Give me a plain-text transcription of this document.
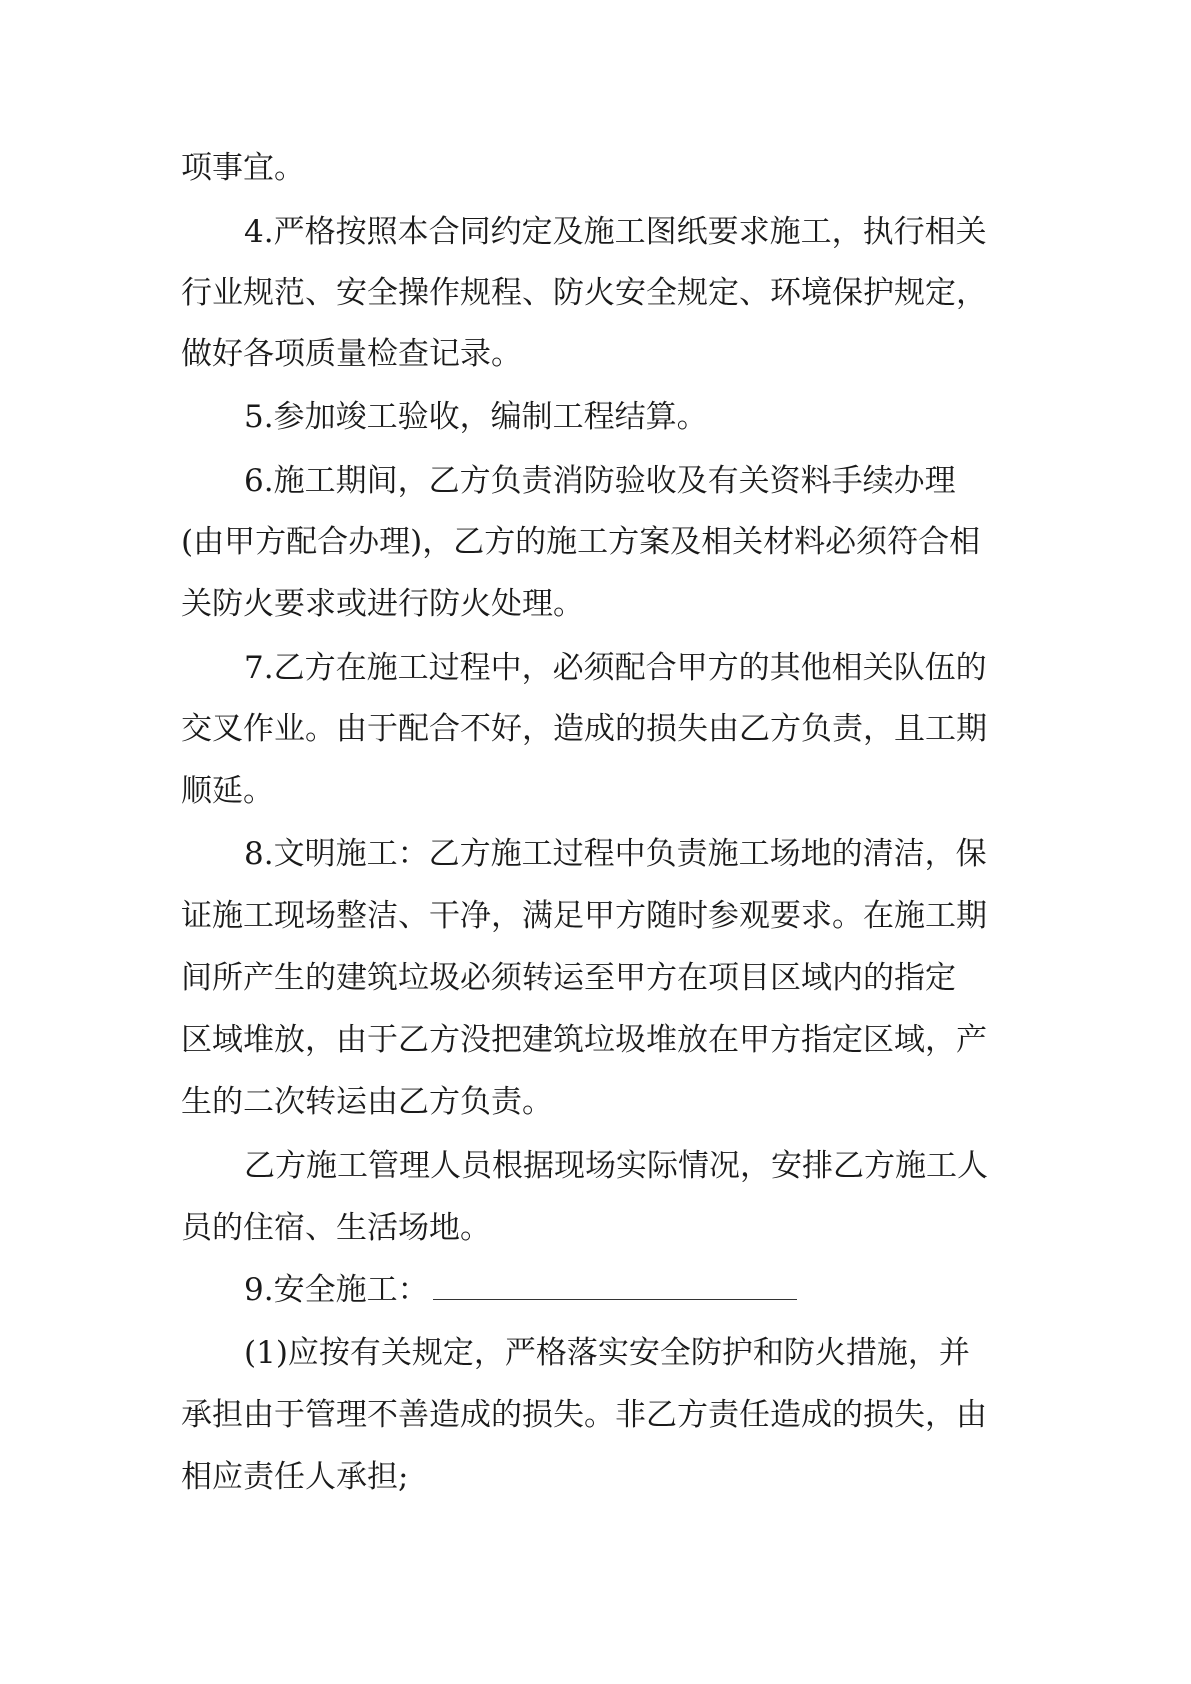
项事宜。

4.严格按照本合同约定及施工图纸要求施工，执行相关

行业规范、安全操作规程、防火安全规定、环境保护规定，

做好各项质量检查记录。

5.参加竣工验收，编制工程结算。

6.施工期间，乙方负责消防验收及有关资料手续办理

(由甲方配合办理)，乙方的施工方案及相关材料必须符合相

关防火要求或进行防火处理。

7.乙方在施工过程中，必须配合甲方的其他相关队伍的

交叉作业。由于配合不好，造成的损失由乙方负责，且工期

顺延。

8.文明施工：乙方施工过程中负责施工场地的清洁，保

证施工现场整洁、干净，满足甲方随时参观要求。在施工期

间所产生的建筑垃圾必须转运至甲方在项目区域内的指定

区域堆放，由于乙方没把建筑垃圾堆放在甲方指定区域，产

生的二次转运由乙方负责。

乙方施工管理人员根据现场实际情况，安排乙方施工人

员的住宿、生活场地。

9.安全施工：

(1)应按有关规定，严格落实安全防护和防火措施，并

承担由于管理不善造成的损失。非乙方责任造成的损失，由

相应责任人承担;
